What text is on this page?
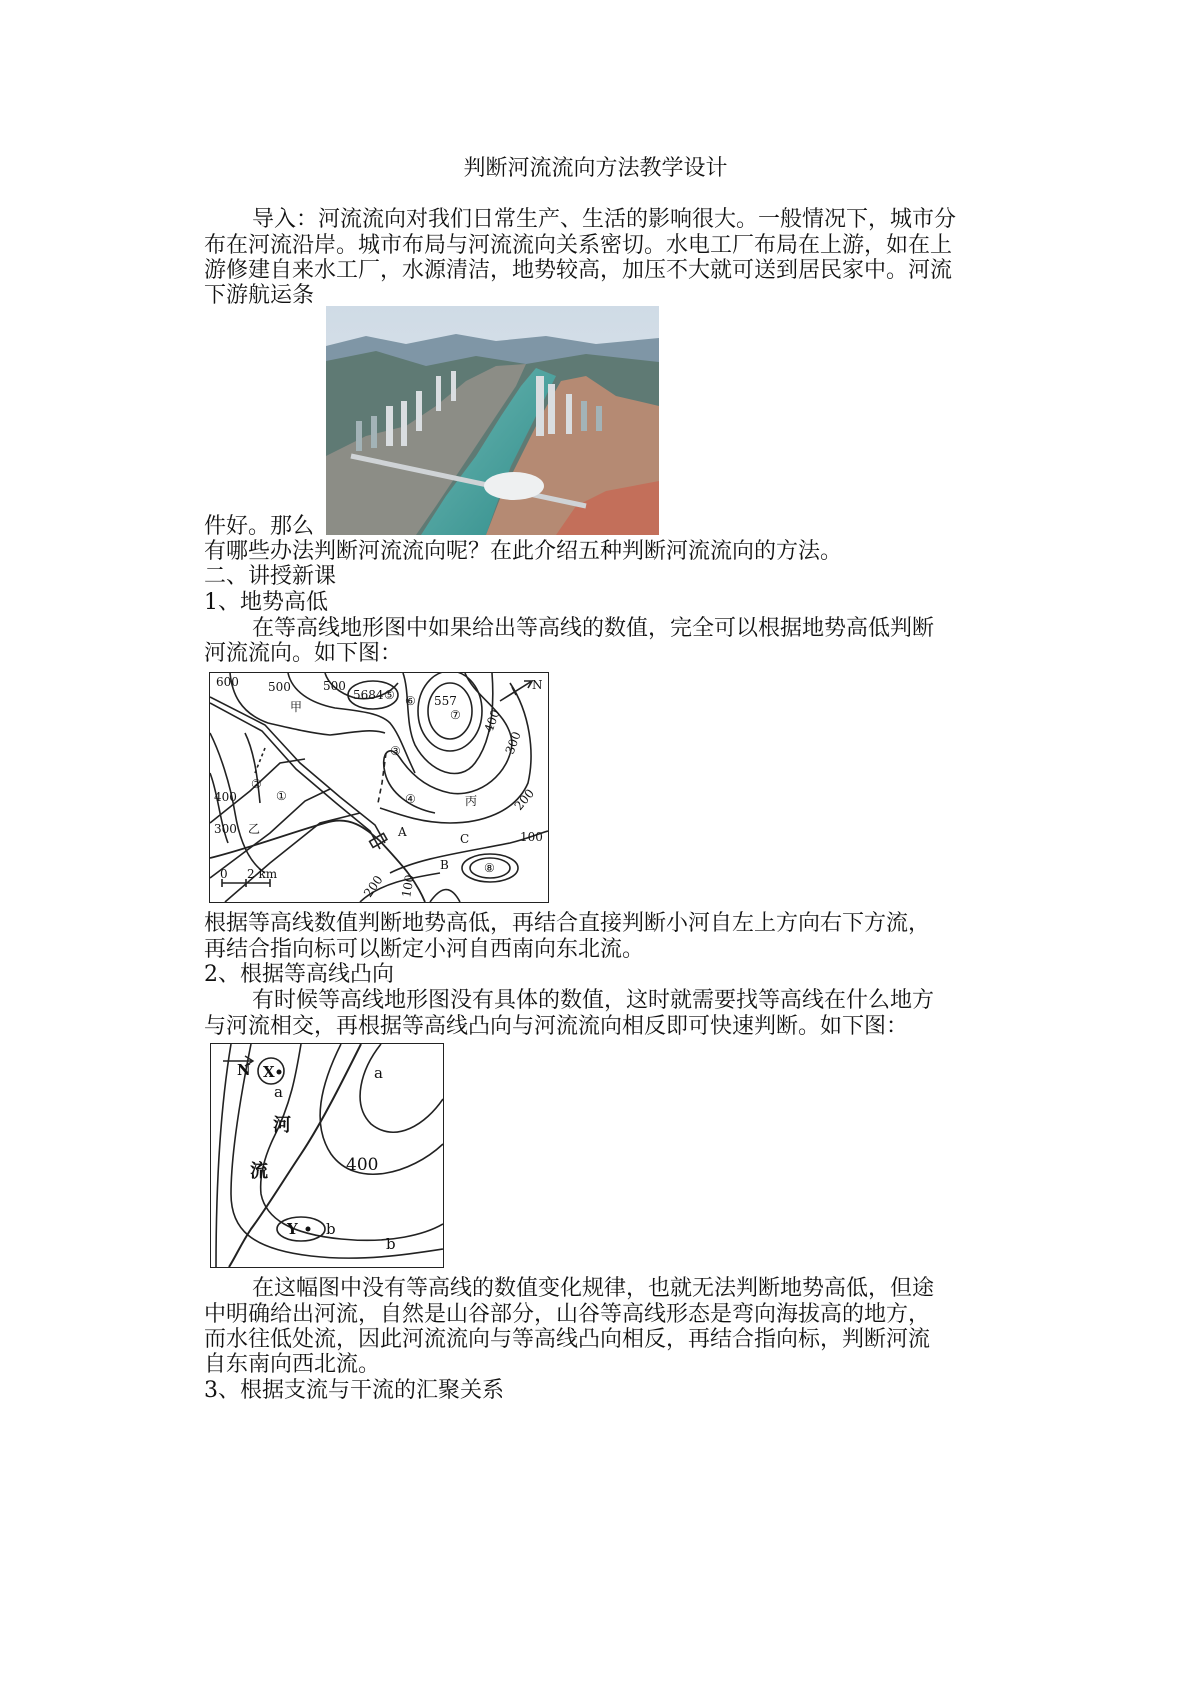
判断河流流向方法教学设计
导入：河流流向对我们日常生产、生活的影响很大。一般情况下，城市分
布在河流沿岸。城市布局与河流流向关系密切。水电工厂布局在上游，如在上
游修建自来水工厂，水源清洁，地势较高，加压不大就可送到居民家中。河流
下游航运条
件好。那么
有哪些办法判断河流流向呢？在此介绍五种判断河流流向的方法。
二、讲授新课
1、地势高低
在等高线地形图中如果给出等高线的数值，完全可以根据地势高低判断
河流流向。如下图：
600 500	500
5684 ⑤ ⑥ 557
⑦ 400
300
N
甲
③
②
①	④	丙
400
300 乙
200
A	C	100
B	⑧
0 2 km	200 100
根据等高线数值判断地势高低，再结合直接判断小河自左上方向右下方流，
再结合指向标可以断定小河自西南向东北流。
2、根据等高线凸向
有时候等高线地形图没有具体的数值，这时就需要找等高线在什么地方
与河流相交，再根据等高线凸向与河流流向相反即可快速判断。如下图：
N X
a
a
河
流	400
Y b
b
在这幅图中没有等高线的数值变化规律，也就无法判断地势高低，但途
中明确给出河流，自然是山谷部分，山谷等高线形态是弯向海拔高的地方，
而水往低处流，因此河流流向与等高线凸向相反，再结合指向标，判断河流
自东南向西北流。
3、根据支流与干流的汇聚关系
